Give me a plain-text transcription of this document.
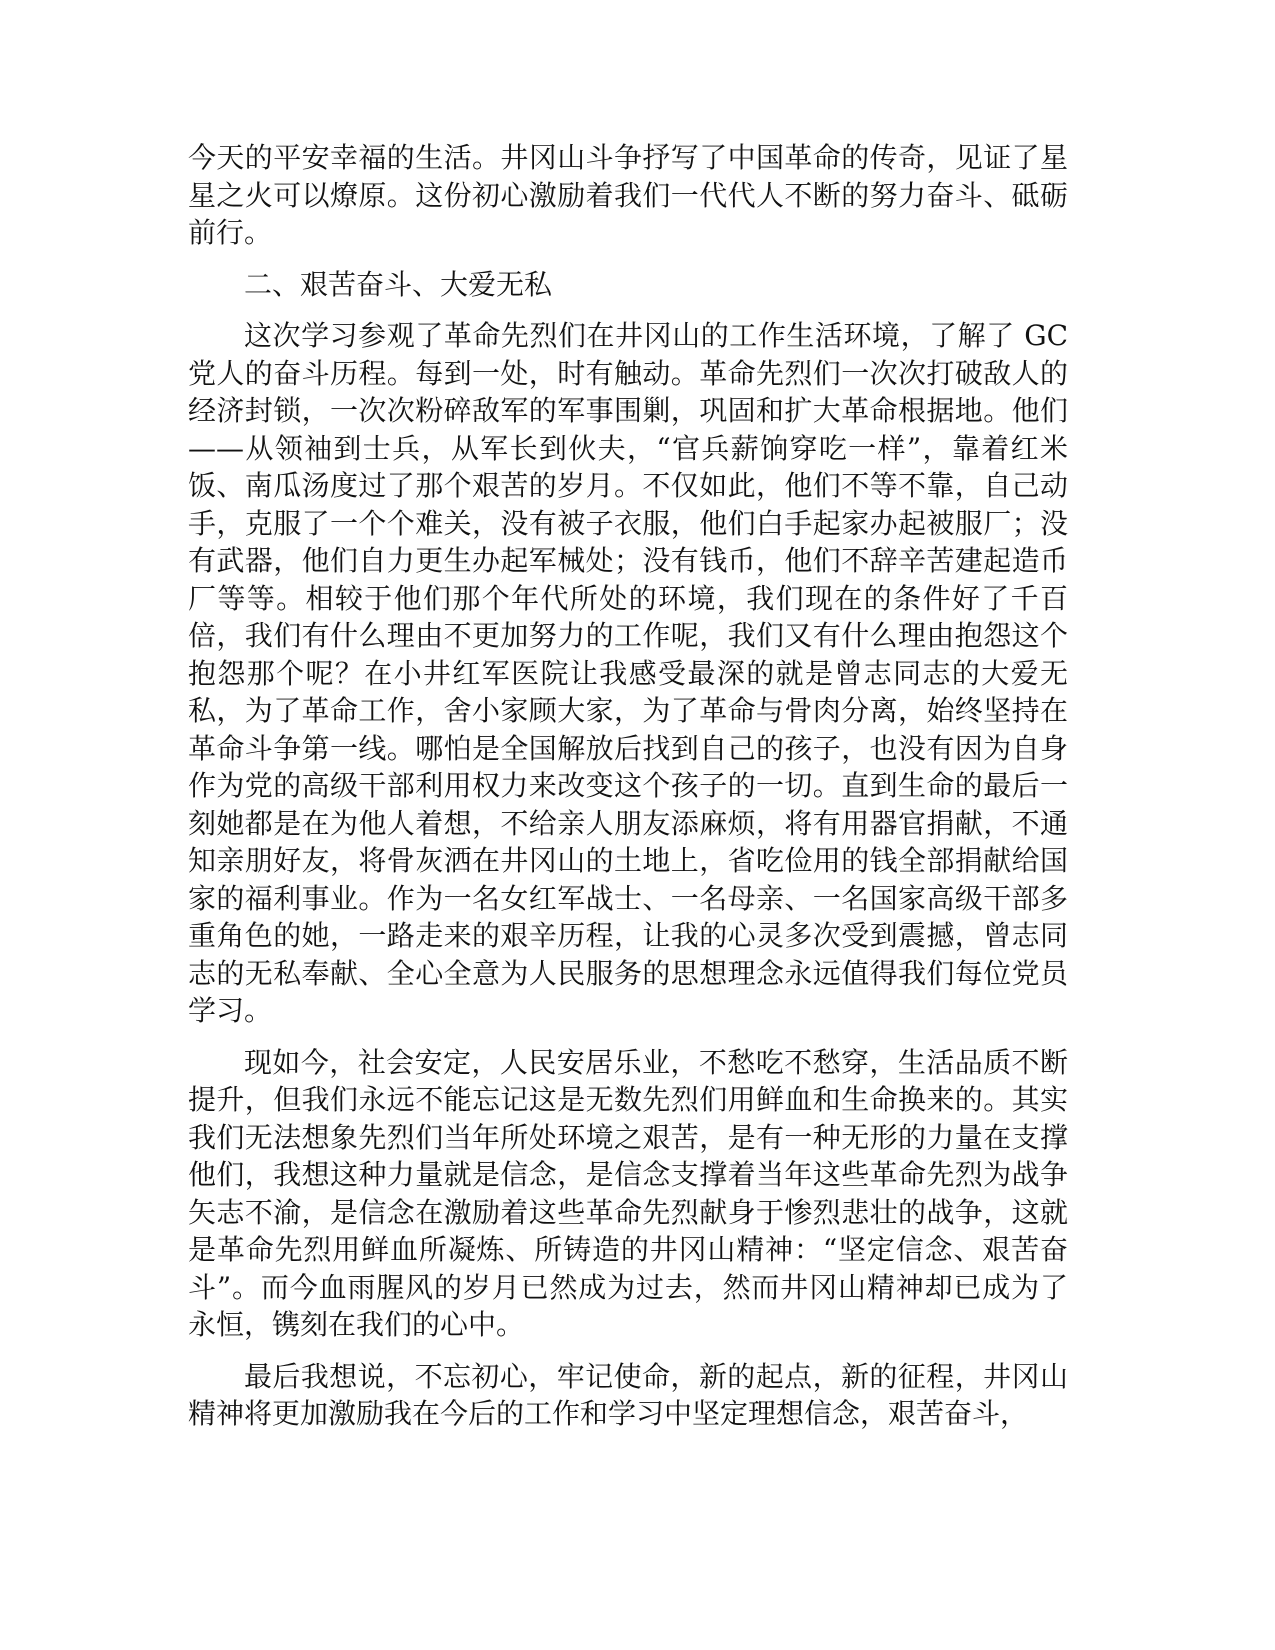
今天的平安幸福的生活。井冈山斗争抒写了中国革命的传奇，见证了星星之火可以燎原。这份初心激励着我们一代代人不断的努力奋斗、砥砺前行。

二、艰苦奋斗、大爱无私

这次学习参观了革命先烈们在井冈山的工作生活环境，了解了 GC 党人的奋斗历程。每到一处，时有触动。革命先烈们一次次打破敌人的经济封锁，一次次粉碎敌军的军事围剿，巩固和扩大革命根据地。他们——从领袖到士兵，从军长到伙夫，“官兵薪饷穿吃一样”，靠着红米饭、南瓜汤度过了那个艰苦的岁月。不仅如此，他们不等不靠，自己动手，克服了一个个难关，没有被子衣服，他们白手起家办起被服厂；没有武器，他们自力更生办起军械处；没有钱币，他们不辞辛苦建起造币厂等等。相较于他们那个年代所处的环境，我们现在的条件好了千百倍，我们有什么理由不更加努力的工作呢，我们又有什么理由抱怨这个抱怨那个呢？在小井红军医院让我感受最深的就是曾志同志的大爱无私，为了革命工作，舍小家顾大家，为了革命与骨肉分离，始终坚持在革命斗争第一线。哪怕是全国解放后找到自己的孩子，也没有因为自身作为党的高级干部利用权力来改变这个孩子的一切。直到生命的最后一刻她都是在为他人着想，不给亲人朋友添麻烦，将有用器官捐献，不通知亲朋好友，将骨灰洒在井冈山的土地上，省吃俭用的钱全部捐献给国家的福利事业。作为一名女红军战士、一名母亲、一名国家高级干部多重角色的她，一路走来的艰辛历程，让我的心灵多次受到震撼，曾志同志的无私奉献、全心全意为人民服务的思想理念永远值得我们每位党员学习。

现如今，社会安定，人民安居乐业，不愁吃不愁穿，生活品质不断提升，但我们永远不能忘记这是无数先烈们用鲜血和生命换来的。其实我们无法想象先烈们当年所处环境之艰苦，是有一种无形的力量在支撑他们，我想这种力量就是信念，是信念支撑着当年这些革命先烈为战争矢志不渝，是信念在激励着这些革命先烈献身于惨烈悲壮的战争，这就是革命先烈用鲜血所凝炼、所铸造的井冈山精神：“坚定信念、艰苦奋斗”。而今血雨腥风的岁月已然成为过去，然而井冈山精神却已成为了永恒，镌刻在我们的心中。

最后我想说，不忘初心，牢记使命，新的起点，新的征程，井冈山精神将更加激励我在今后的工作和学习中坚定理想信念，艰苦奋斗，
